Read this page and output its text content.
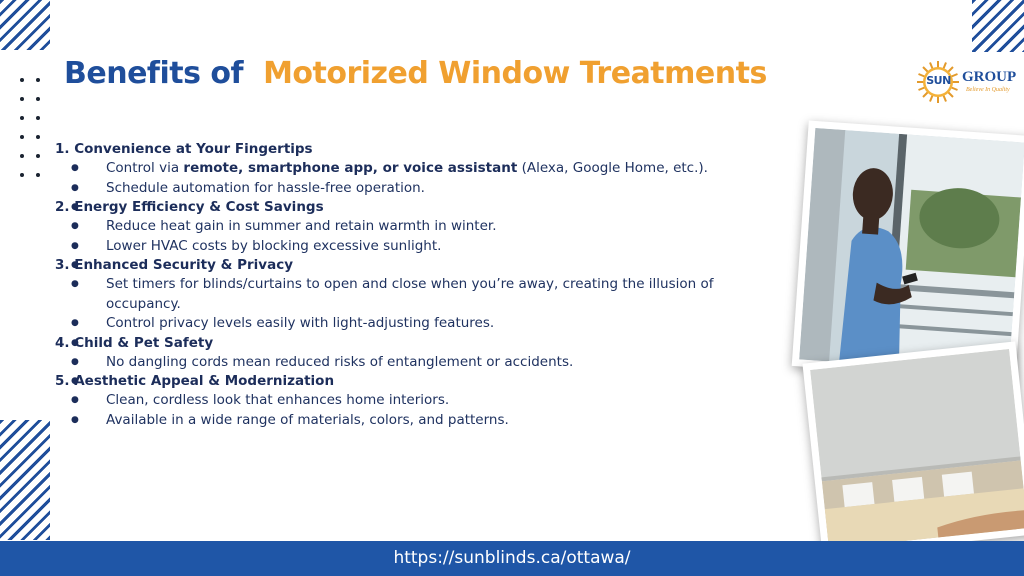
Benefits of Motorized Window Treatments	SUN GROUP
Believe In Quality
1. Convenience at Your Fingertips
● Control via remote, smartphone app, or voice assistant (Alexa, Google Home, etc.).
● Schedule automation for hassle-free operation.
2. Energy Efficiency & Cost Savings
● Reduce heat gain in summer and retain warmth in winter.
● Lower HVAC costs by blocking excessive sunlight.
3. Enhanced Security & Privacy
● Set timers for blinds/curtains to open and close when you’re away, creating the illusion of occupancy.
● Control privacy levels easily with light-adjusting features.
4. Child & Pet Safety
● No dangling cords mean reduced risks of entanglement or accidents.
5. Aesthetic Appeal & Modernization
● Clean, cordless look that enhances home interiors.
● Available in a wide range of materials, colors, and patterns.
https://sunblinds.ca/ottawa/
